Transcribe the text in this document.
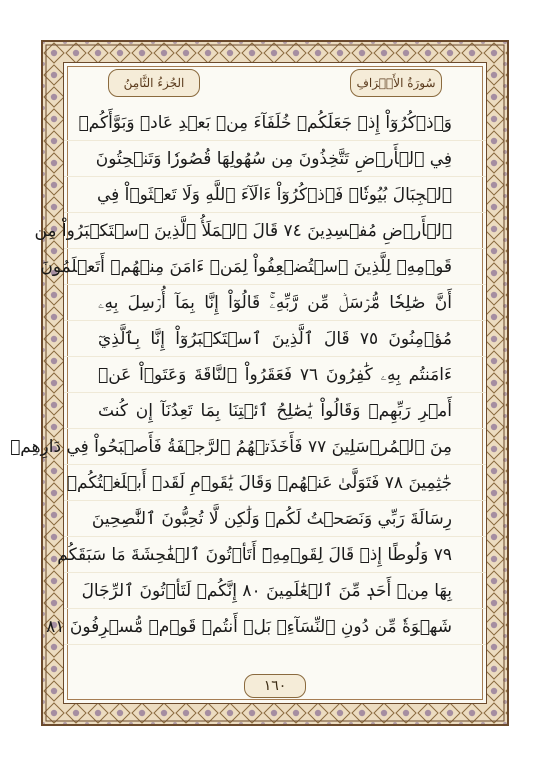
الجُزءُ الثَّامِنُ	سُورَةُ الأَعۡرَافِ
وَٱذۡكُرُوٓاْ إِذۡ جَعَلَكُمۡ خُلَفَآءَ مِنۢ بَعۡدِ عَادٖ وَبَوَّأَكُمۡ
فِي ٱلۡأَرۡضِ تَتَّخِذُونَ مِن سُهُولِهَا قُصُورٗا وَتَنۡحِتُونَ
ٱلۡجِبَالَ بُيُوتٗاۖ فَٱذۡكُرُوٓاْ ءَالَآءَ ٱللَّهِ وَلَا تَعۡثَوۡاْ فِي
ٱلۡأَرۡضِ مُفۡسِدِينَ ٧٤ قَالَ ٱلۡمَلَأُ ٱلَّذِينَ ٱسۡتَكۡبَرُواْ مِن
قَوۡمِهِۦ لِلَّذِينَ ٱسۡتُضۡعِفُواْ لِمَنۡ ءَامَنَ مِنۡهُمۡ أَتَعۡلَمُونَ
أَنَّ صَٰلِحٗا مُّرۡسَلٞ مِّن رَّبِّهِۦۚ قَالُوٓاْ إِنَّا بِمَآ أُرۡسِلَ بِهِۦ
مُؤۡمِنُونَ ٧٥ قَالَ ٱلَّذِينَ ٱسۡتَكۡبَرُوٓاْ إِنَّا بِٱلَّذِيٓ
ءَامَنتُم بِهِۦ كَٰفِرُونَ ٧٦ فَعَقَرُواْ ٱلنَّاقَةَ وَعَتَوۡاْ عَنۡ
أَمۡرِ رَبِّهِمۡ وَقَالُواْ يَٰصَٰلِحُ ٱئۡتِنَا بِمَا تَعِدُنَآ إِن كُنتَ
مِنَ ٱلۡمُرۡسَلِينَ ٧٧ فَأَخَذَتۡهُمُ ٱلرَّجۡفَةُ فَأَصۡبَحُواْ فِي دَارِهِمۡ
جَٰثِمِينَ ٧٨ فَتَوَلَّىٰ عَنۡهُمۡ وَقَالَ يَٰقَوۡمِ لَقَدۡ أَبۡلَغۡتُكُمۡ
رِسَالَةَ رَبِّي وَنَصَحۡتُ لَكُمۡ وَلَٰكِن لَّا تُحِبُّونَ ٱلنَّٰصِحِينَ
٧٩ وَلُوطًا إِذۡ قَالَ لِقَوۡمِهِۦٓ أَتَأۡتُونَ ٱلۡفَٰحِشَةَ مَا سَبَقَكُم
بِهَا مِنۡ أَحَدٖ مِّنَ ٱلۡعَٰلَمِينَ ٨٠ إِنَّكُمۡ لَتَأۡتُونَ ٱلرِّجَالَ
شَهۡوَةٗ مِّن دُونِ ٱلنِّسَآءِۚ بَلۡ أَنتُمۡ قَوۡمٞ مُّسۡرِفُونَ ٨١
١٦٠
